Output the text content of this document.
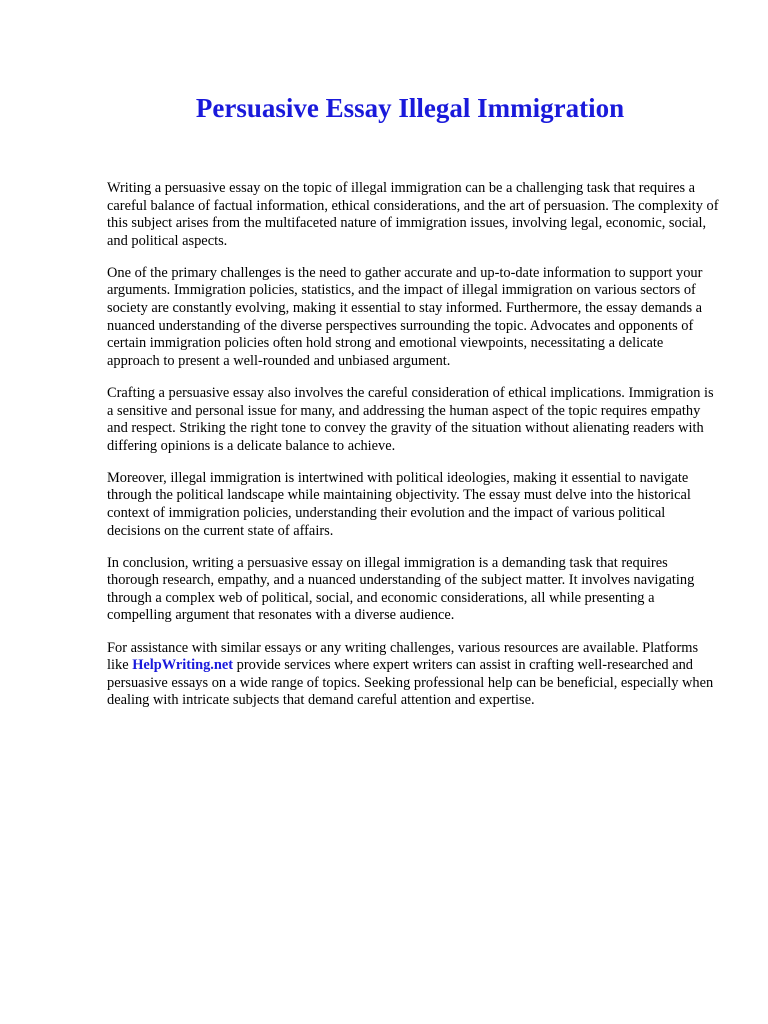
Persuasive Essay Illegal Immigration

Writing a persuasive essay on the topic of illegal immigration can be a challenging task that requires a careful balance of factual information, ethical considerations, and the art of persuasion. The complexity of this subject arises from the multifaceted nature of immigration issues, involving legal, economic, social, and political aspects.

One of the primary challenges is the need to gather accurate and up-to-date information to support your arguments. Immigration policies, statistics, and the impact of illegal immigration on various sectors of society are constantly evolving, making it essential to stay informed. Furthermore, the essay demands a nuanced understanding of the diverse perspectives surrounding the topic. Advocates and opponents of certain immigration policies often hold strong and emotional viewpoints, necessitating a delicate approach to present a well-rounded and unbiased argument.

Crafting a persuasive essay also involves the careful consideration of ethical implications. Immigration is a sensitive and personal issue for many, and addressing the human aspect of the topic requires empathy and respect. Striking the right tone to convey the gravity of the situation without alienating readers with differing opinions is a delicate balance to achieve.

Moreover, illegal immigration is intertwined with political ideologies, making it essential to navigate through the political landscape while maintaining objectivity. The essay must delve into the historical context of immigration policies, understanding their evolution and the impact of various political decisions on the current state of affairs.

In conclusion, writing a persuasive essay on illegal immigration is a demanding task that requires thorough research, empathy, and a nuanced understanding of the subject matter. It involves navigating through a complex web of political, social, and economic considerations, all while presenting a compelling argument that resonates with a diverse audience.

For assistance with similar essays or any writing challenges, various resources are available. Platforms like HelpWriting.net provide services where expert writers can assist in crafting well-researched and persuasive essays on a wide range of topics. Seeking professional help can be beneficial, especially when dealing with intricate subjects that demand careful attention and expertise.
